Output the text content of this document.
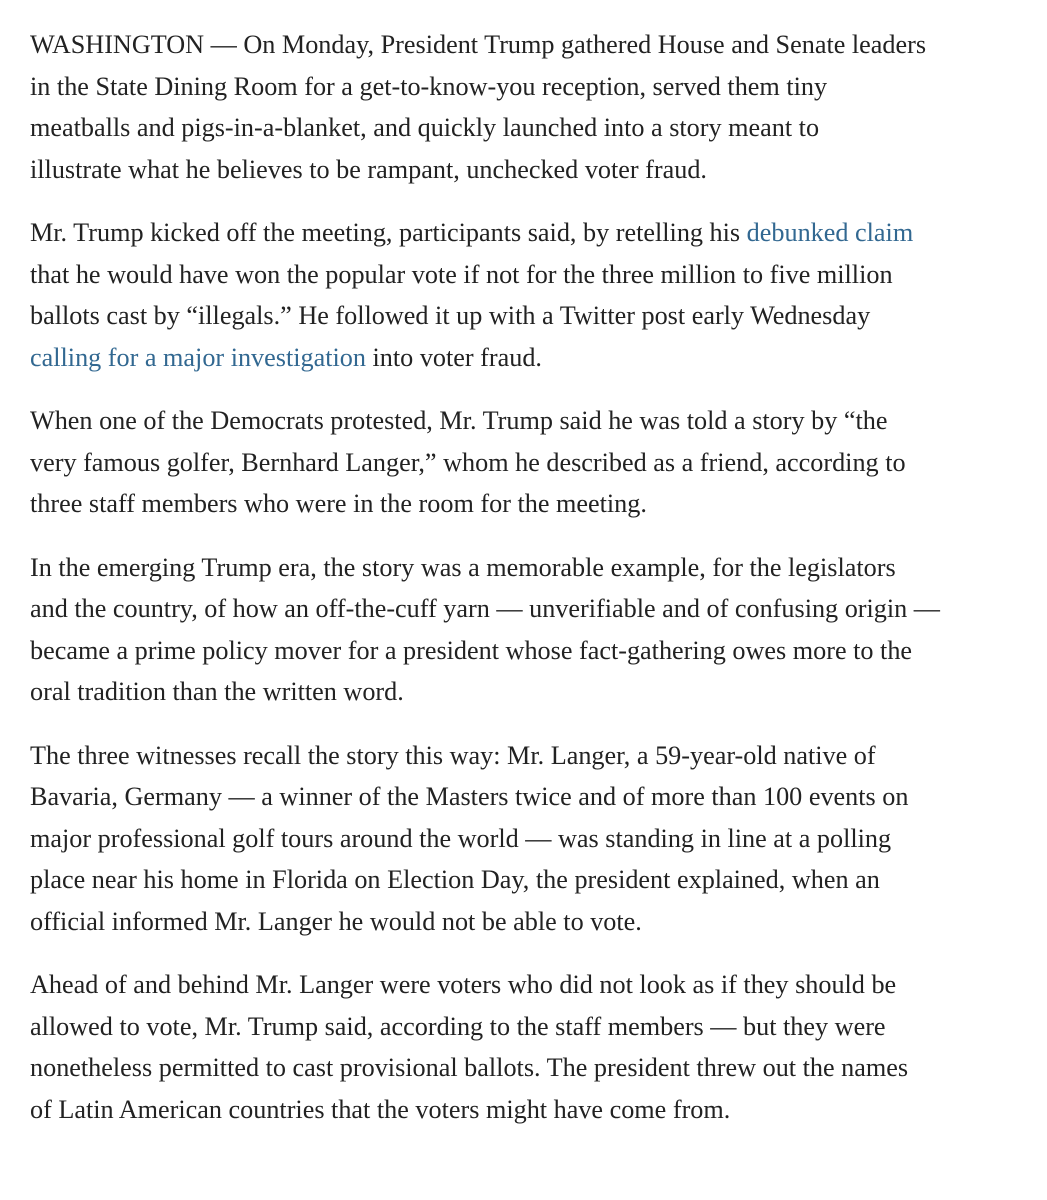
WASHINGTON — On Monday, President Trump gathered House and Senate leaders
in the State Dining Room for a get-to-know-you reception, served them tiny
meatballs and pigs-in-a-blanket, and quickly launched into a story meant to
illustrate what he believes to be rampant, unchecked voter fraud.

Mr. Trump kicked off the meeting, participants said, by retelling his debunked claim
that he would have won the popular vote if not for the three million to five million
ballots cast by “illegals.” He followed it up with a Twitter post early Wednesday
calling for a major investigation into voter fraud.

When one of the Democrats protested, Mr. Trump said he was told a story by “the
very famous golfer, Bernhard Langer,” whom he described as a friend, according to
three staff members who were in the room for the meeting.

In the emerging Trump era, the story was a memorable example, for the legislators
and the country, of how an off-the-cuff yarn — unverifiable and of confusing origin —
became a prime policy mover for a president whose fact-gathering owes more to the
oral tradition than the written word.

The three witnesses recall the story this way: Mr. Langer, a 59-year-old native of
Bavaria, Germany — a winner of the Masters twice and of more than 100 events on
major professional golf tours around the world — was standing in line at a polling
place near his home in Florida on Election Day, the president explained, when an
official informed Mr. Langer he would not be able to vote.

Ahead of and behind Mr. Langer were voters who did not look as if they should be
allowed to vote, Mr. Trump said, according to the staff members — but they were
nonetheless permitted to cast provisional ballots. The president threw out the names
of Latin American countries that the voters might have come from.
